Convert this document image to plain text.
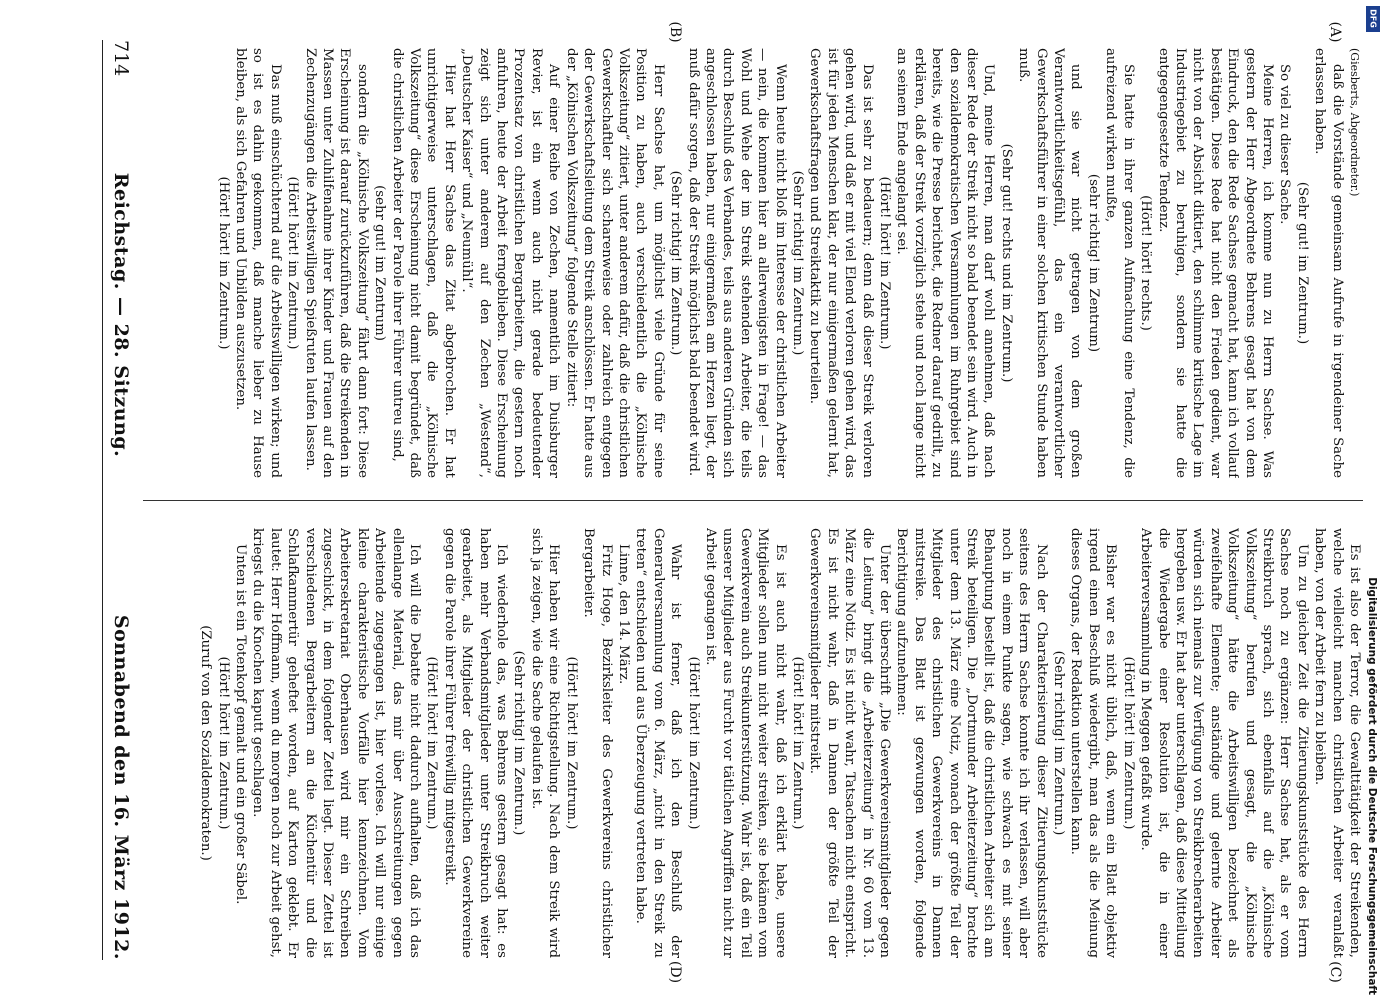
(Giesberts, Abgeordneter.)

daß die Vorstände gemeinsam Aufrufe in irgendeiner Sache erlassen haben.

(Sehr gut! im Zentrum.)

So viel zu dieser Sache.

Meine Herren, ich komme nun zu Herrn Sachse. Was gestern der Herr Abgeordnete Behrens gesagt hat von dem Eindruck, den die Rede Sachses gemacht hat, kann ich vollauf bestätigen. Diese Rede hat nicht den Frieden gedient, war nicht von der Absicht diktiert, den schlimme kritische Lage im Industriegebiet zu beruhigen, sondern sie hatte die entgegengesetzte Tendenz.

(Hört! hört! rechts.)

Sie hatte in ihrer ganzen Aufmachung eine Tendenz, die aufreizend wirken mußte,

(sehr richtig! im Zentrum)

und sie war nicht getragen von dem großen Verantwortlichkeitsgefühl, das ein verantwortlicher Gewerkschaftsführer in einer solchen kritischen Stunde haben muß.

(Sehr gut! rechts und im Zentrum.)

Und, meine Herren, man darf wohl annehmen, daß nach dieser Rede der Streik nicht so bald beendet sein wird. Auch in den sozialdemokratischen Versammlungen im Ruhrgebiet sind bereits, wie die Presse berichtet, die Redner darauf gedrillt, zu erklären, daß der Streik vorzüglich stehe und noch lange nicht an seinem Ende angelangt sei.

(Hört! hört! im Zentrum.)

Das ist sehr zu bedauern; denn daß dieser Streik verloren gehen wird, und daß er mit viel Elend verloren gehen wird, das ist für jeden Menschen klar, der nur einigermaßen gelernt hat, Gewerkschaftsfragen und Streiktaktik zu beurteilen.

(Sehr richtig! im Zentrum.)

Wenn heute nicht bloß im Interesse der christlichen Arbeiter — nein, die kommen hier an allerwenigsten in Frage! — das Wohl und Wehe der im Streik stehenden Arbeiter, die teils durch Beschluß des Verbandes, teils aus anderen Gründen sich angeschlossen haben, nur einigermaßen am Herzen liegt, der muß dafür sorgen, daß der Streik möglichst bald beendet wird.

(Sehr richtig! im Zentrum.)

Herr Sachse hat, um möglichst viele Gründe für seine Position zu haben, auch verschiedentlich die „Kölnische Volkszeitung“ zitiert, unter anderem dafür, daß die christlichen Gewerkschaftler sich scharenweise oder zahlreich entgegen der Gewerkschaftsleitung dem Streik anschlössen. Er hatte aus der „Kölnischen Volkszeitung“ folgende Stelle zitiert:

Auf einer Reihe von Zechen, namentlich im Duisburger Revier, ist ein wenn auch nicht gerade bedeutender Prozentsatz von christlichen Bergarbeitern, die gestern noch anfuhren, heute der Arbeit ferngeblieben. Diese Erscheinung zeigt sich unter anderem auf den Zechen „Westend“, „Deutscher Kaiser“ und „Neumühl“.

Hier hat Herr Sachse das Zitat abgebrochen. Er hat unrichtigerweise unterschlagen, daß die „Kölnische Volkszeitung“ diese Erscheinung nicht damit begründet, daß die christlichen Arbeiter der Parole ihrer Führer untreu sind,

(sehr gut! im Zentrum)

sondern die „Kölnische Volkszeitung“ fährt dann fort: Diese Erscheinung ist darauf zurückzuführen, daß die Streikenden in Massen unter Zuhilfenahme ihrer Kinder und Frauen auf den Zechenzugängen die Arbeitswilligen Spießruten laufen lassen.

(Hört! hört! im Zentrum.)

Das muß einschüchternd auf die Arbeitswilligen wirken; und so ist es dahin gekommen, daß manche lieber zu Hause bleiben, als sich Gefahren und Unbilden auszusetzen.

(Hört! hört! im Zentrum.)

Es ist also der Terror, die Gewalttätigkeit der Streikenden, welche vielleicht manchen christlichen Arbeiter veranlaßt haben, von der Arbeit fern zu bleiben.

Um zu gleicher Zeit die Zitierungskunststücke des Herrn Sachse noch zu ergänzen: Herr Sachse hat, als er vom Streikbruch sprach, sich ebenfalls auf die „Kölnische Volkszeitung“ berufen und gesagt, die „Kölnische Volkszeitung“ hätte die Arbeitswilligen bezeichnet als zweifelhafte Elemente; anständige und gelernte Arbeiter würden sich niemals zur Verfügung von Streikbrecherarbeiten hergeben usw. Er hat aber unterschlagen, daß diese Mitteilung die Wiedergabe einer Resolution ist, die in einer Arbeiterversammlung in Meggen gefaßt wurde.

(Hört! hört! im Zentrum.)

Bisher war es nicht üblich, daß, wenn ein Blatt objektiv irgend einen Beschluß wiedergibt, man das als die Meinung dieses Organs, der Redaktion unterstellen kann.

(Sehr richtig! im Zentrum.)

Nach der Charakterisierung dieser Zitierungskunststücke seitens des Herrn Sachse konnte ich ihr verlassen, will aber noch in einem Punkte sagen, wie schwach es mit seiner Behauptung bestellt ist, daß die christlichen Arbeiter sich am Streik beteiligen. Die „Dortmunder Arbeiterzeitung“ brachte unter dem 13. März eine Notiz, wonach der größte Teil der Mitglieder des christlichen Gewerkvereins in Dannen mitstreike. Das Blatt ist gezwungen worden, folgende Berichtigung aufzunehmen:

Unter der überschrift „Die Gewerkvereinsmitglieder gegen die Leitung“ bringt die „Arbeiterzeitung“ in Nr. 60 vom 13. März eine Notiz. Es ist nicht wahr, Tatsachen nicht entspricht. Es ist nicht wahr, daß in Dannen der größte Teil der Gewerkvereinsmitglieder mitstreikt.

(Hört! hört! im Zentrum.)

Es ist auch nicht wahr, daß ich erklärt habe, unsere Mitglieder sollen nun nicht weiter streiken, sie bekämen vom Gewerkverein auch Streikunterstützung. Wahr ist, daß ein Teil unserer Mitglieder aus Furcht vor tätlichen Angriffen nicht zur Arbeit gegangen ist.

(Hört! hört! im Zentrum.)

Wahr ist ferner, daß ich den Beschluß der Generalversammlung vom 6. März, „nicht in den Streik zu treten“ entschieden und aus Überzeugung vertreten habe.

Linne, den 14. März.

Fritz Hoge, Bezirksleiter des Gewerkvereins christlicher Bergarbeiter.

(Hört! hört! im Zentrum.)

Hier haben wir eine Richtigstellung. Nach dem Streik wird sich ja zeigen, wie die Sache gelaufen ist.

(Sehr richtig! im Zentrum.)

Ich wiederhole das, was Behrens gestern gesagt hat: es haben mehr Verbandsmitglieder unter Streikbruch weiter gearbeitet, als Mitglieder der christlichen Gewerkvereine gegen die Parole ihrer Führer freiwillig mitgestreikt.

(Hört! hört! im Zentrum.)

Ich will die Debatte nicht dadurch aufhalten, daß ich das ellenlange Material, das mir über Ausschreitungen gegen Arbeitende zugegangen ist, hier vorlese. Ich will nur einige kleine charakteristische Vorfälle hier kennzeichnen. Vom Arbeitersekretariat Oberhausen wird mir ein Schreiben zugeschickt, in dem folgender Zettel liegt. Dieser Zettel ist verschiedenen Bergarbeitern an die Küchentür und die Schlafkammertür geheftet worden, auf Karton geklebt. Er lautet: Herr Hoffmann, wenn du morgen noch zur Arbeit gehst, kriegst du die Knochen kaputt geschlagen.

Unten ist ein Totenkopf gemalt und ein großer Säbel.

(Hört! hört! im Zentrum.)

(Zuruf von den Sozialdemokraten.)

(A)
(B)
(C)
(D)
714
Reichstag. — 28. Sitzung.
Sonnabend den 16. März 1912.	Digitalisierung gefördert durch die Deutsche Forschungsgemeinschaft
DFG
